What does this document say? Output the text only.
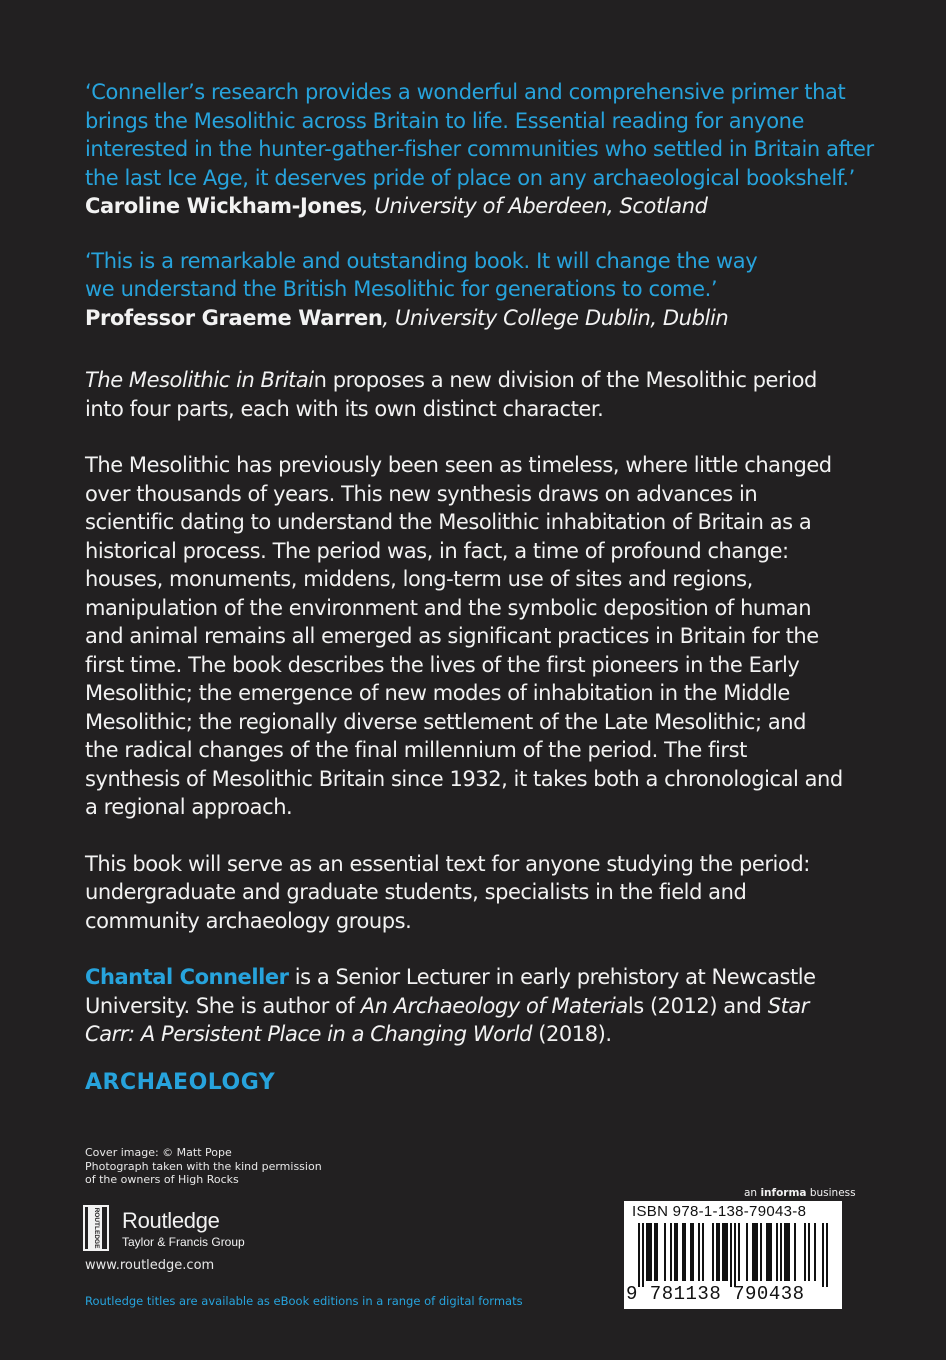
‘Conneller’s research provides a wonderful and comprehensive primer that brings the Mesolithic across Britain to life. Essential reading for anyone interested in the hunter-gather-fisher communities who settled in Britain after the last Ice Age, it deserves pride of place on any archaeological bookshelf.’

Caroline Wickham-Jones, University of Aberdeen, Scotland

‘This is a remarkable and outstanding book. It will change the way we understand the British Mesolithic for generations to come.’

Professor Graeme Warren, University College Dublin, Dublin

The Mesolithic in Britain proposes a new division of the Mesolithic period into four parts, each with its own distinct character.

The Mesolithic has previously been seen as timeless, where little changed over thousands of years. This new synthesis draws on advances in scientific dating to understand the Mesolithic inhabitation of Britain as a historical process. The period was, in fact, a time of profound change: houses, monuments, middens, long-term use of sites and regions, manipulation of the environment and the symbolic deposition of human and animal remains all emerged as significant practices in Britain for the first time. The book describes the lives of the first pioneers in the Early Mesolithic; the emergence of new modes of inhabitation in the Middle Mesolithic; the regionally diverse settlement of the Late Mesolithic; and the radical changes of the final millennium of the period. The first synthesis of Mesolithic Britain since 1932, it takes both a chronological and a regional approach.

This book will serve as an essential text for anyone studying the period: undergraduate and graduate students, specialists in the field and community archaeology groups.

Chantal Conneller is a Senior Lecturer in early prehistory at Newcastle University. She is author of An Archaeology of Materials (2012) and Star Carr: A Persistent Place in a Changing World (2018).

ARCHAEOLOGY
Cover image: © Matt Pope
Photograph taken with the kind permission
of the owners of High Rocks
ROUTLEDGE Routledge
Taylor & Francis Group
www.routledge.com
Routledge titles are available as eBook editions in a range of digital formats
an informa business
ISBN 978-1-138-79043-8
9 781138 790438
